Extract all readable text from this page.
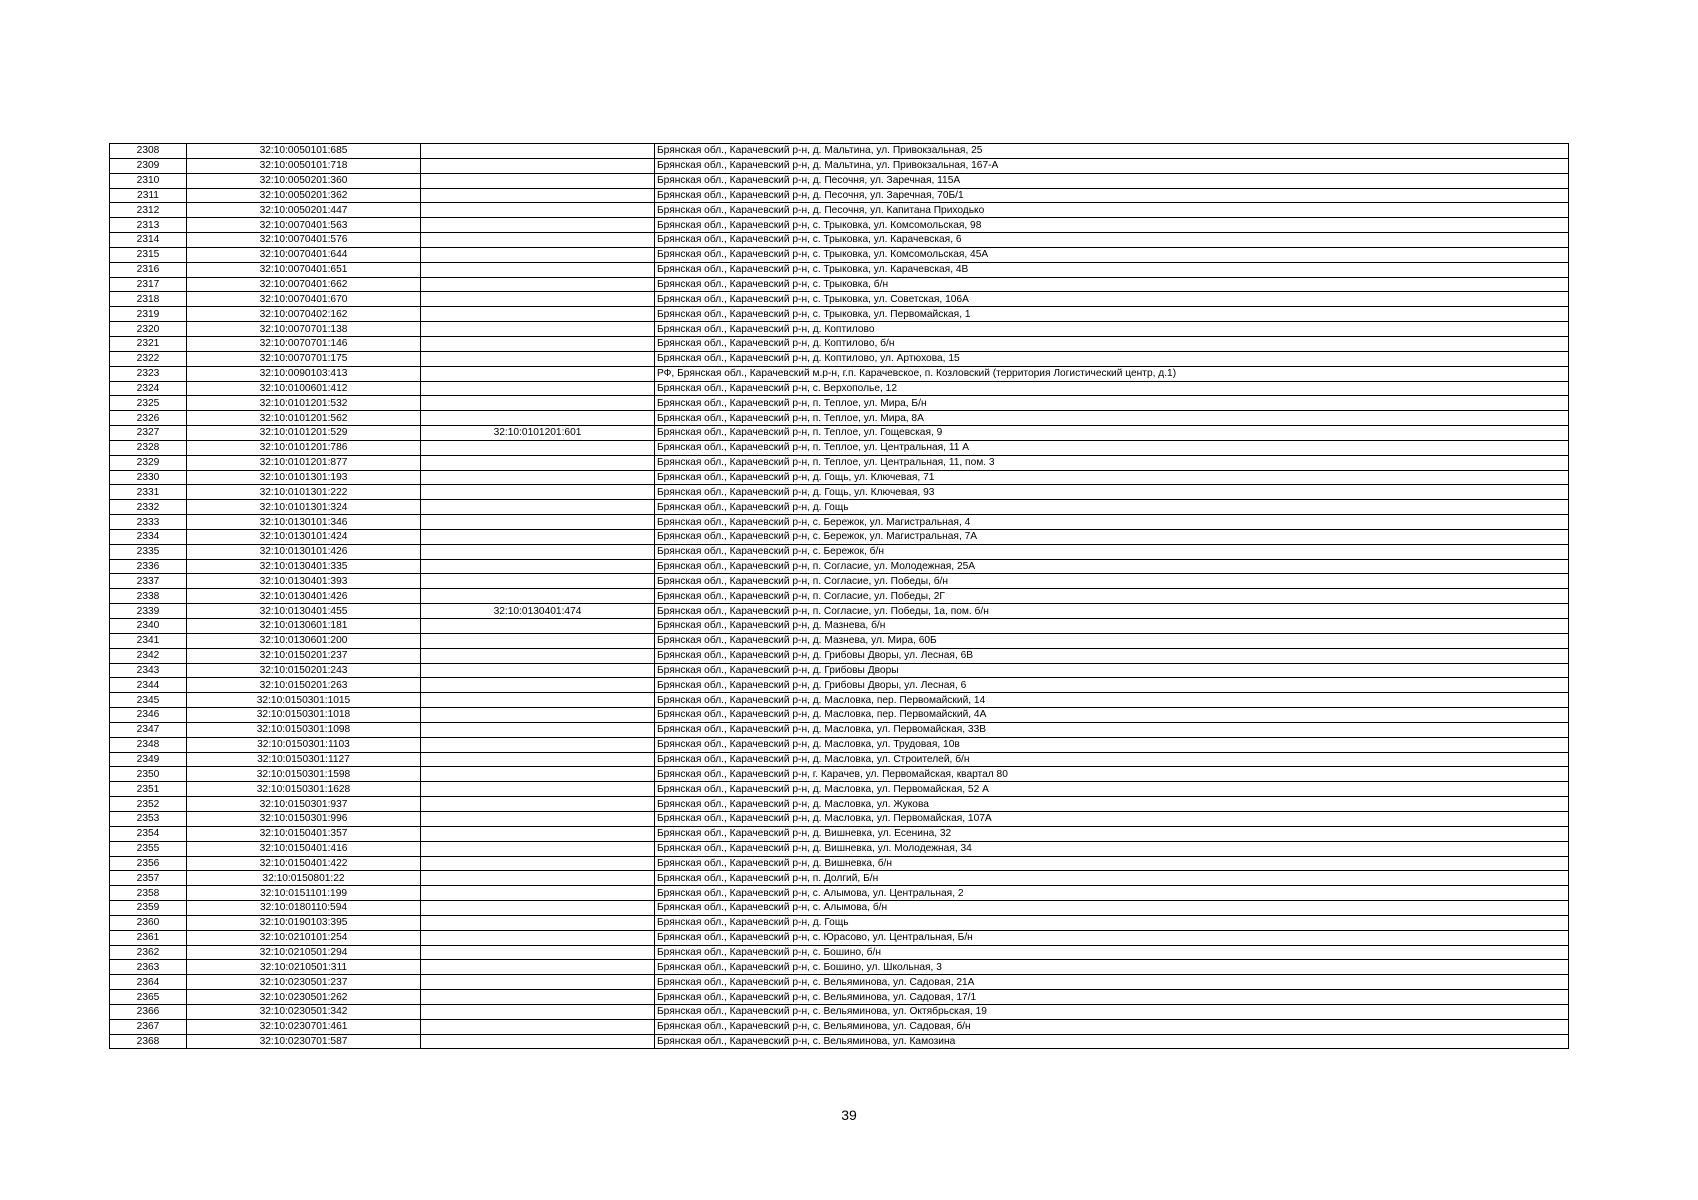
2308	32:10:0050101:685		Брянская обл., Карачевский р-н, д. Мальтина, ул. Привокзальная, 25
2309	32:10:0050101:718		Брянская обл., Карачевский р-н, д. Мальтина, ул. Привокзальная, 167-А
2310	32:10:0050201:360		Брянская обл., Карачевский р-н, д. Песочня, ул. Заречная, 115А
2311	32:10:0050201:362		Брянская обл., Карачевский р-н, д. Песочня, ул. Заречная, 70Б/1
2312	32:10:0050201:447		Брянская обл., Карачевский р-н, д. Песочня, ул. Капитана Приходько
2313	32:10:0070401:563		Брянская обл., Карачевский р-н, с. Трыковка, ул. Комсомольская, 98
2314	32:10:0070401:576		Брянская обл., Карачевский р-н, с. Трыковка, ул. Карачевская, 6
2315	32:10:0070401:644		Брянская обл., Карачевский р-н, с. Трыковка, ул. Комсомольская, 45А
2316	32:10:0070401:651		Брянская обл., Карачевский р-н, с. Трыковка, ул. Карачевская, 4В
2317	32:10:0070401:662		Брянская обл., Карачевский р-н, с. Трыковка, б/н
2318	32:10:0070401:670		Брянская обл., Карачевский р-н, с. Трыковка, ул. Советская, 106А
2319	32:10:0070402:162		Брянская обл., Карачевский р-н, с. Трыковка, ул. Первомайская, 1
2320	32:10:0070701:138		Брянская обл., Карачевский р-н, д. Коптилово
2321	32:10:0070701:146		Брянская обл., Карачевский р-н, д. Коптилово, б/н
2322	32:10:0070701:175		Брянская обл., Карачевский р-н, д. Коптилово, ул. Артюхова, 15
2323	32:10:0090103:413		РФ, Брянская обл., Карачевский м.р-н, г.п. Карачевское, п. Козловский (территория Логистический центр, д.1)
2324	32:10:0100601:412		Брянская обл., Карачевский р-н, с. Верхополье, 12
2325	32:10:0101201:532		Брянская обл., Карачевский р-н, п. Теплое, ул. Мира, Б/н
2326	32:10:0101201:562		Брянская обл., Карачевский р-н, п. Теплое, ул. Мира, 8А
2327	32:10:0101201:529	32:10:0101201:601	Брянская обл., Карачевский р-н, п. Теплое, ул. Гощевская, 9
2328	32:10:0101201:786		Брянская обл., Карачевский р-н, п. Теплое, ул. Центральная, 11 А
2329	32:10:0101201:877		Брянская обл., Карачевский р-н, п. Теплое, ул. Центральная, 11, пом. 3
2330	32:10:0101301:193		Брянская обл., Карачевский р-н, д. Гощь, ул. Ключевая, 71
2331	32:10:0101301:222		Брянская обл., Карачевский р-н, д. Гощь, ул. Ключевая, 93
2332	32:10:0101301:324		Брянская обл., Карачевский р-н, д. Гощь
2333	32:10:0130101:346		Брянская обл., Карачевский р-н, с. Бережок, ул. Магистральная, 4
2334	32:10:0130101:424		Брянская обл., Карачевский р-н, с. Бережок, ул. Магистральная, 7А
2335	32:10:0130101:426		Брянская обл., Карачевский р-н, с. Бережок, б/н
2336	32:10:0130401:335		Брянская обл., Карачевский р-н, п. Согласие, ул. Молодежная, 25А
2337	32:10:0130401:393		Брянская обл., Карачевский р-н, п. Согласие, ул. Победы, б/н
2338	32:10:0130401:426		Брянская обл., Карачевский р-н, п. Согласие, ул. Победы, 2Г
2339	32:10:0130401:455	32:10:0130401:474	Брянская обл., Карачевский р-н, п. Согласие, ул. Победы, 1а, пом. б/н
2340	32:10:0130601:181		Брянская обл., Карачевский р-н, д. Мазнева, б/н
2341	32:10:0130601:200		Брянская обл., Карачевский р-н, д. Мазнева, ул. Мира, 60Б
2342	32:10:0150201:237		Брянская обл., Карачевский р-н, д. Грибовы Дворы, ул. Лесная, 6В
2343	32:10:0150201:243		Брянская обл., Карачевский р-н, д. Грибовы Дворы
2344	32:10:0150201:263		Брянская обл., Карачевский р-н, д. Грибовы Дворы, ул. Лесная, 6
2345	32:10:0150301:1015		Брянская обл., Карачевский р-н, д. Масловка, пер. Первомайский, 14
2346	32:10:0150301:1018		Брянская обл., Карачевский р-н, д. Масловка, пер. Первомайский, 4А
2347	32:10:0150301:1098		Брянская обл., Карачевский р-н, д. Масловка, ул. Первомайская, 33В
2348	32:10:0150301:1103		Брянская обл., Карачевский р-н, д. Масловка, ул. Трудовая, 10в
2349	32:10:0150301:1127		Брянская обл., Карачевский р-н, д. Масловка, ул. Строителей, б/н
2350	32:10:0150301:1598		Брянская обл., Карачевский р-н, г. Карачев, ул. Первомайская, квартал 80
2351	32:10:0150301:1628		Брянская обл., Карачевский р-н, д. Масловка, ул. Первомайская, 52 А
2352	32:10:0150301:937		Брянская обл., Карачевский р-н, д. Масловка, ул. Жукова
2353	32:10:0150301:996		Брянская обл., Карачевский р-н, д. Масловка, ул. Первомайская, 107А
2354	32:10:0150401:357		Брянская обл., Карачевский р-н, д. Вишневка, ул. Есенина, 32
2355	32:10:0150401:416		Брянская обл., Карачевский р-н, д. Вишневка, ул. Молодежная, 34
2356	32:10:0150401:422		Брянская обл., Карачевский р-н, д. Вишневка, б/н
2357	32:10:0150801:22		Брянская обл., Карачевский р-н, п. Долгий, Б/н
2358	32:10:0151101:199		Брянская обл., Карачевский р-н, с. Алымова, ул. Центральная, 2
2359	32:10:0180110:594		Брянская обл., Карачевский р-н, с. Алымова, б/н
2360	32:10:0190103:395		Брянская обл., Карачевский р-н, д. Гощь
2361	32:10:0210101:254		Брянская обл., Карачевский р-н, с. Юрасово, ул. Центральная, Б/н
2362	32:10:0210501:294		Брянская обл., Карачевский р-н, с. Бошино, б/н
2363	32:10:0210501:311		Брянская обл., Карачевский р-н, с. Бошино, ул. Школьная, 3
2364	32:10:0230501:237		Брянская обл., Карачевский р-н, с. Вельяминова, ул. Садовая, 21А
2365	32:10:0230501:262		Брянская обл., Карачевский р-н, с. Вельяминова, ул. Садовая, 17/1
2366	32:10:0230501:342		Брянская обл., Карачевский р-н, с. Вельяминова, ул. Октябрьская, 19
2367	32:10:0230701:461		Брянская обл., Карачевский р-н, с. Вельяминова, ул. Садовая, б/н
2368	32:10:0230701:587		Брянская обл., Карачевский р-н, с. Вельяминова, ул. Камозина
39
